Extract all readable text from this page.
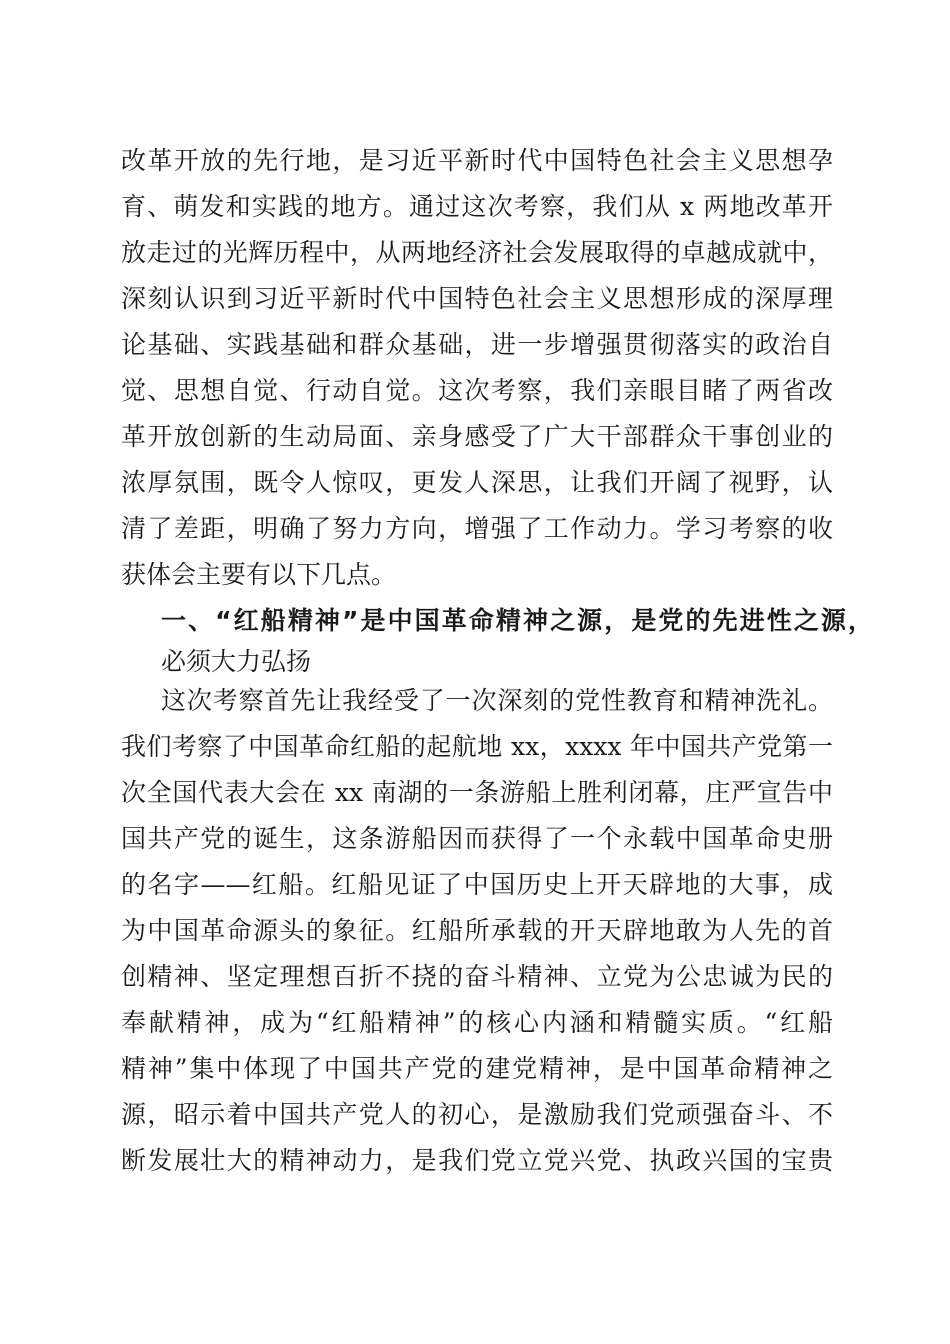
改革开放的先行地，是习近平新时代中国特色社会主义思想孕
育、萌发和实践的地方。通过这次考察，我们从 x 两地改革开
放走过的光辉历程中，从两地经济社会发展取得的卓越成就中，
深刻认识到习近平新时代中国特色社会主义思想形成的深厚理
论基础、实践基础和群众基础，进一步增强贯彻落实的政治自
觉、思想自觉、行动自觉。这次考察，我们亲眼目睹了两省改
革开放创新的生动局面、亲身感受了广大干部群众干事创业的
浓厚氛围，既令人惊叹，更发人深思，让我们开阔了视野，认
清了差距，明确了努力方向，增强了工作动力。学习考察的收
获体会主要有以下几点。
一、“红船精神”是中国革命精神之源，是党的先进性之源，
必须大力弘扬
这次考察首先让我经受了一次深刻的党性教育和精神洗礼。
我们考察了中国革命红船的起航地 xx，xxxx 年中国共产党第一
次全国代表大会在 xx 南湖的一条游船上胜利闭幕，庄严宣告中
国共产党的诞生，这条游船因而获得了一个永载中国革命史册
的名字——红船。红船见证了中国历史上开天辟地的大事，成
为中国革命源头的象征。红船所承载的开天辟地敢为人先的首
创精神、坚定理想百折不挠的奋斗精神、立党为公忠诚为民的
奉献精神，成为“红船精神”的核心内涵和精髓实质。“红船
精神”集中体现了中国共产党的建党精神，是中国革命精神之
源，昭示着中国共产党人的初心，是激励我们党顽强奋斗、不
断发展壮大的精神动力，是我们党立党兴党、执政兴国的宝贵
